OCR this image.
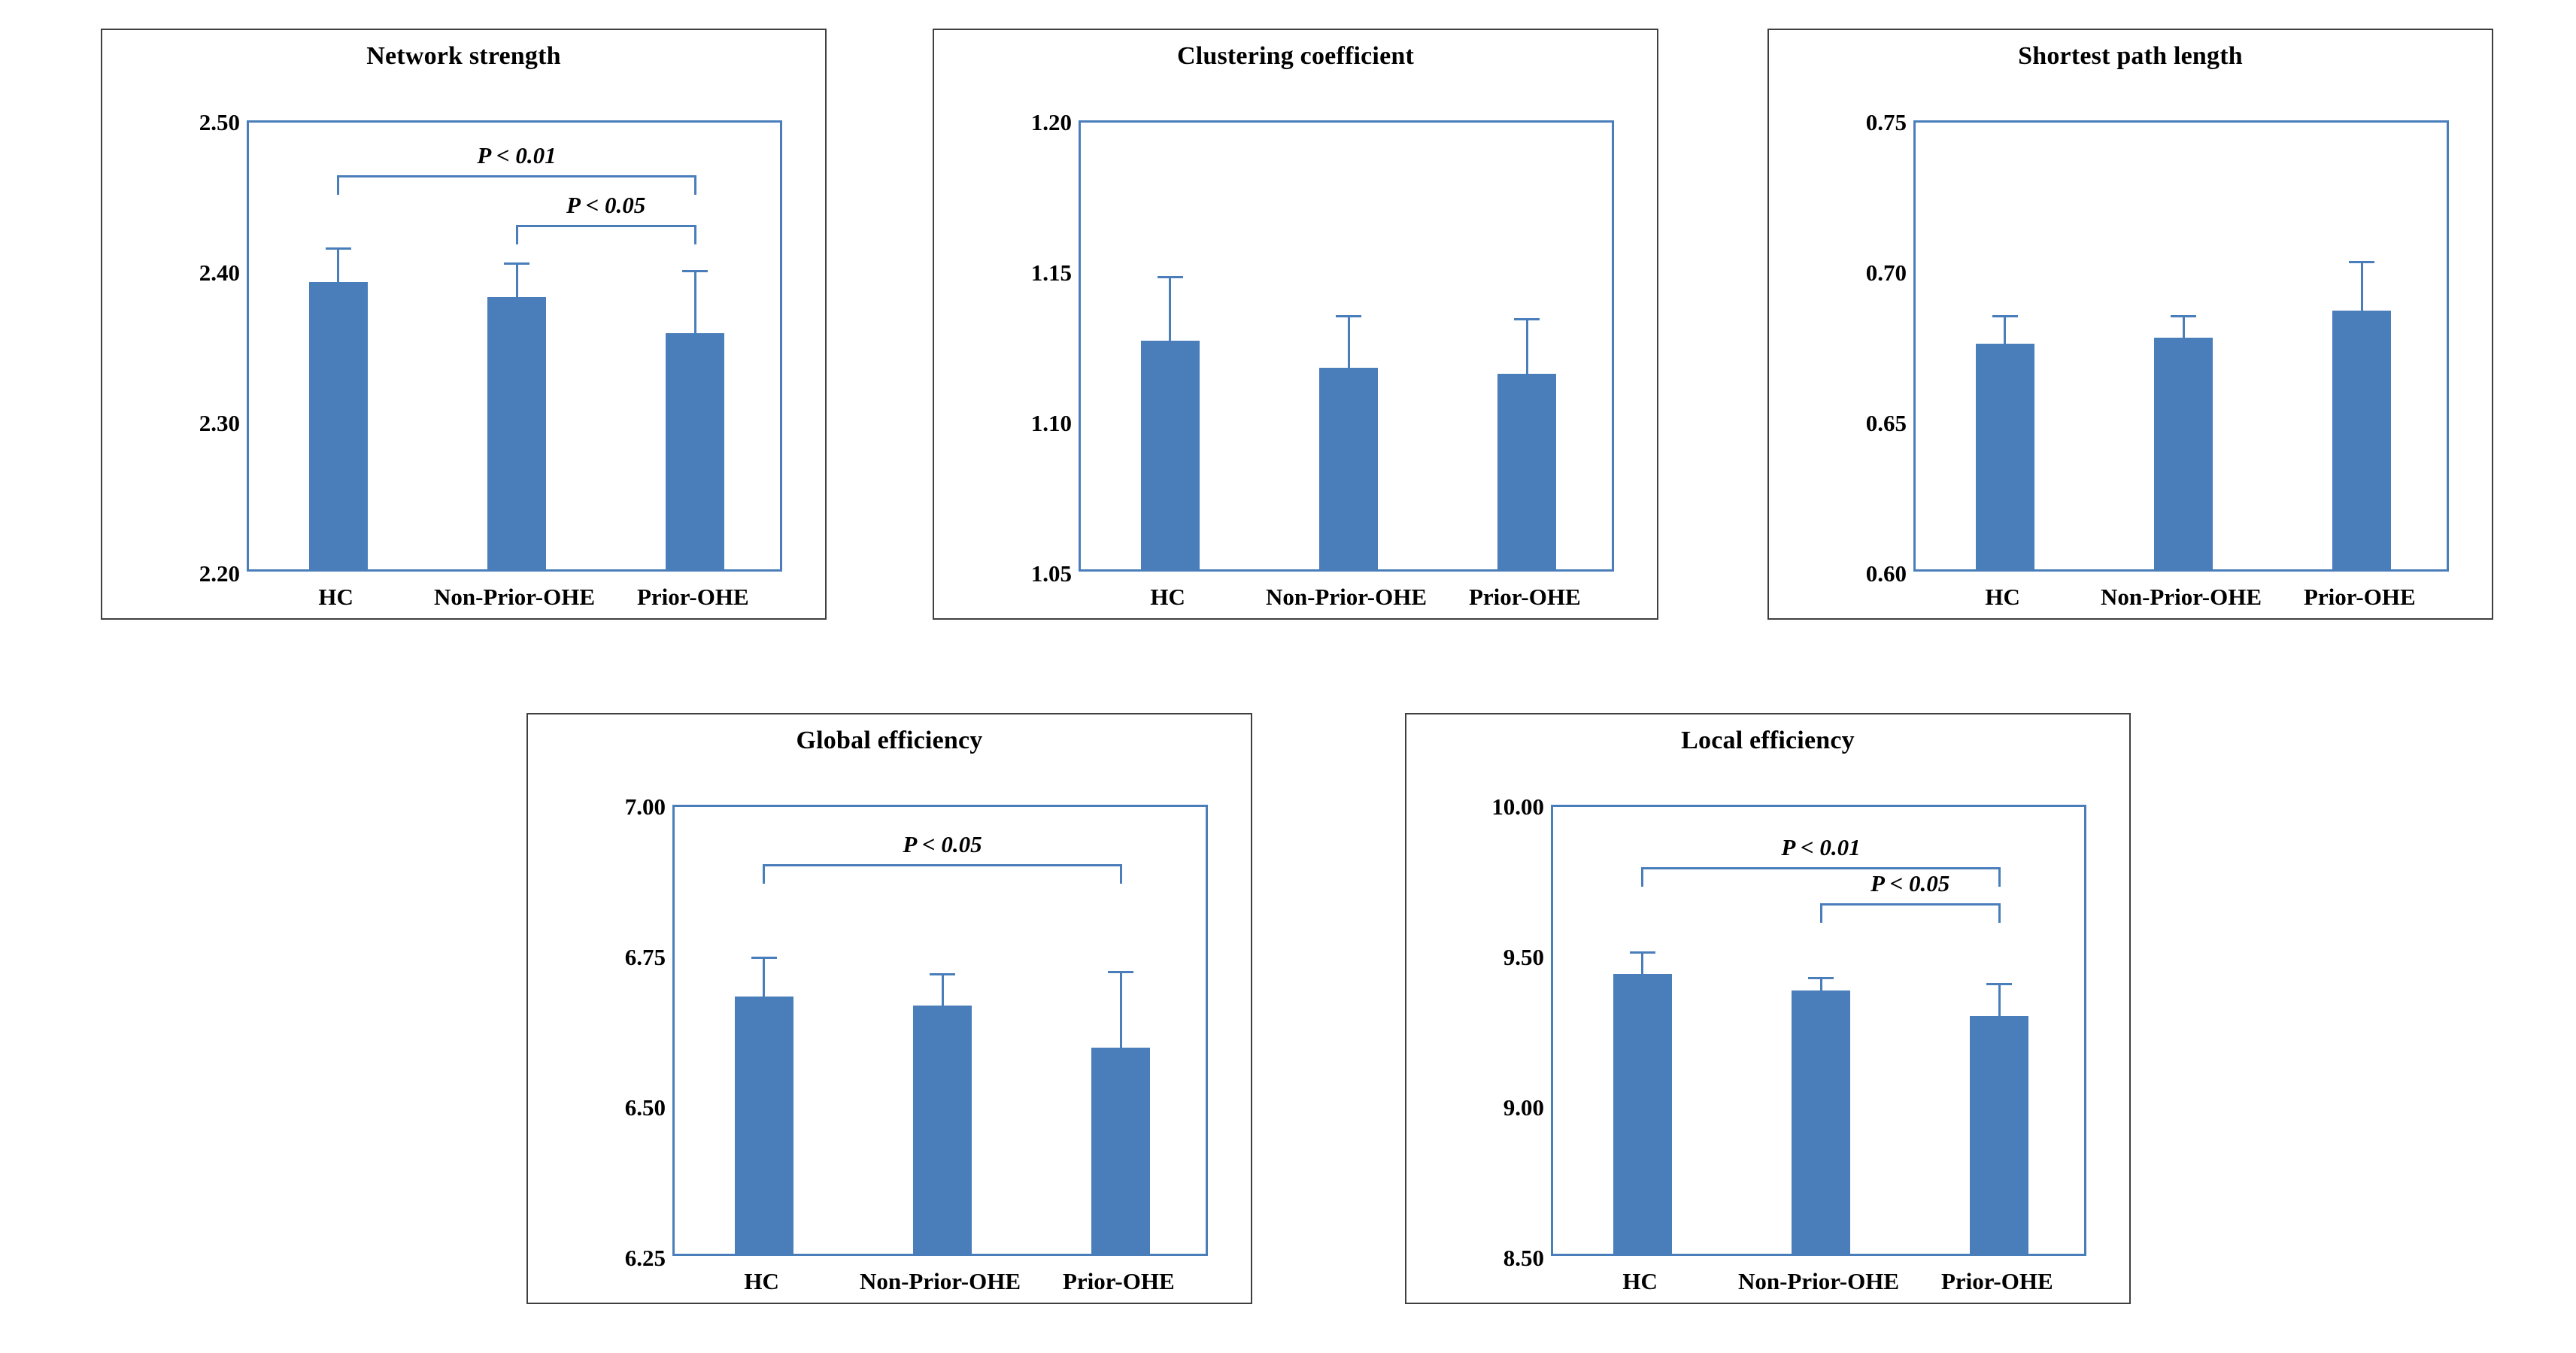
Network strength
2.50
2.40
2.30
2.20
P < 0.01
P < 0.05
HC	Non-Prior-OHE	Prior-OHE
Clustering coefficient
1.20
1.15
1.10
1.05
HC	Non-Prior-OHE	Prior-OHE
Shortest path length
0.75
0.70
0.65
0.60
HC	Non-Prior-OHE	Prior-OHE
Global efficiency
7.00
6.75
6.50
6.25
P < 0.05
HC	Non-Prior-OHE	Prior-OHE
Local efficiency
10.00
9.50
9.00
8.50
P < 0.01
P < 0.05
HC	Non-Prior-OHE	Prior-OHE
